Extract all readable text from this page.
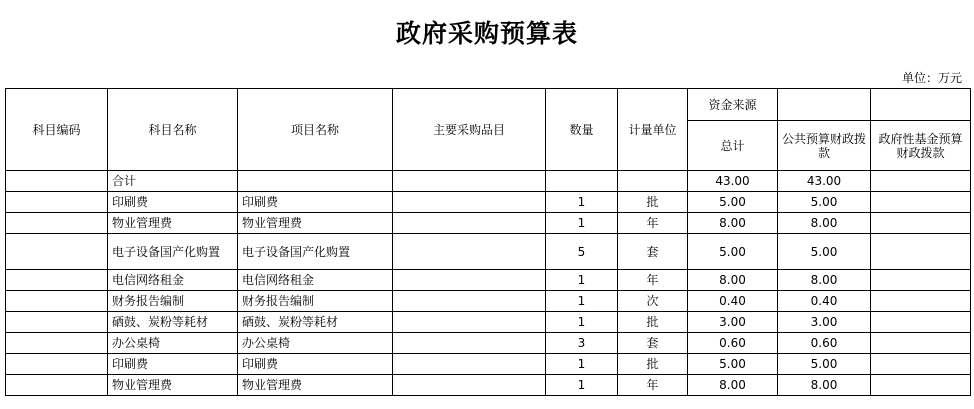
政府采购预算表
单位：万元
科目编码	科目名称	项目名称	主要采购品目	数量	计量单位	资金来源		
						总计	公共预算财政拨款	政府性基金预算财政拨款
	合计					43.00	43.00	
	印刷费	印刷费		1	批	5.00	5.00	
	物业管理费	物业管理费		1	年	8.00	8.00	
	电子设备国产化购置	电子设备国产化购置		5	套	5.00	5.00	
	电信网络租金	电信网络租金		1	年	8.00	8.00	
	财务报告编制	财务报告编制		1	次	0.40	0.40	
	硒鼓、炭粉等耗材	硒鼓、炭粉等耗材		1	批	3.00	3.00	
	办公桌椅	办公桌椅		3	套	0.60	0.60	
	印刷费	印刷费		1	批	5.00	5.00	
	物业管理费	物业管理费		1	年	8.00	8.00	
